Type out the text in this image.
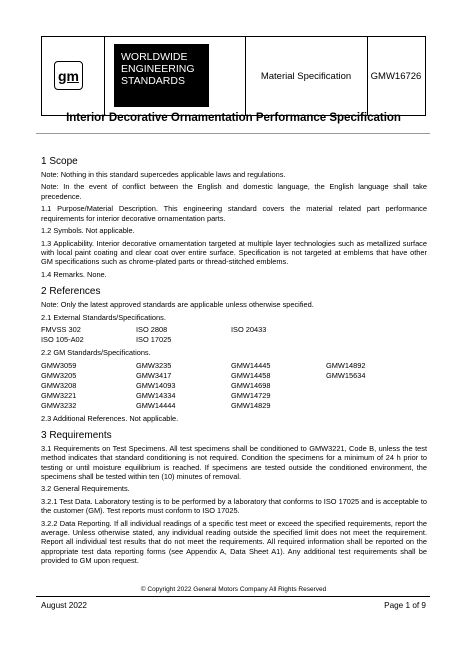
gm
WORLDWIDE
ENGINEERING
STANDARDS	Material Specification	GMW16726
Interior Decorative Ornamentation Performance Specification
1 Scope
Note: Nothing in this standard supercedes applicable laws and regulations.
Note: In the event of conflict between the English and domestic language, the English language shall take precedence.
1.1 Purpose/Material Description. This engineering standard covers the material related part performance requirements for interior decorative ornamentation parts.
1.2 Symbols. Not applicable.
1.3 Applicability. Interior decorative ornamentation targeted at multiple layer technologies such as metallized surface with local paint coating and clear coat over entire surface. Specification is not targeted at emblems that have other GM specifications such as chrome-plated parts or thread-stitched emblems.
1.4 Remarks. None.
2 References
Note: Only the latest approved standards are applicable unless otherwise specified.
2.1 External Standards/Specifications.
FMVSS 302	ISO 2808	ISO 20433
ISO 105-A02	ISO 17025
2.2 GM Standards/Specifications.
GMW3059	GMW3235	GMW14445	GMW14892
GMW3205	GMW3417	GMW14458	GMW15634
GMW3208	GMW14093	GMW14698
GMW3221	GMW14334	GMW14729
GMW3232	GMW14444	GMW14829
2.3 Additional References. Not applicable.
3 Requirements
3.1 Requirements on Test Specimens. All test specimens shall be conditioned to GMW3221, Code B, unless the test method indicates that standard conditioning is not required. Condition the specimens for a minimum of 24 h prior to testing or until moisture equilibrium is reached. If specimens are tested outside the conditioned environment, the specimens shall be tested within ten (10) minutes of removal.
3.2 General Requirements.
3.2.1 Test Data. Laboratory testing is to be performed by a laboratory that conforms to ISO 17025 and is acceptable to the customer (GM). Test reports must conform to ISO 17025.
3.2.2 Data Reporting. If all individual readings of a specific test meet or exceed the specified requirements, report the average. Unless otherwise stated, any individual reading outside the specified limit does not meet the requirement. Report all individual test results that do not meet the requirements. All required information shall be reported on the appropriate test data reporting forms (see Appendix A, Data Sheet A1). Any additional test requirements shall be provided to GM upon request.
© Copyright 2022 General Motors Company All Rights Reserved
August 2022	Page 1 of 9
